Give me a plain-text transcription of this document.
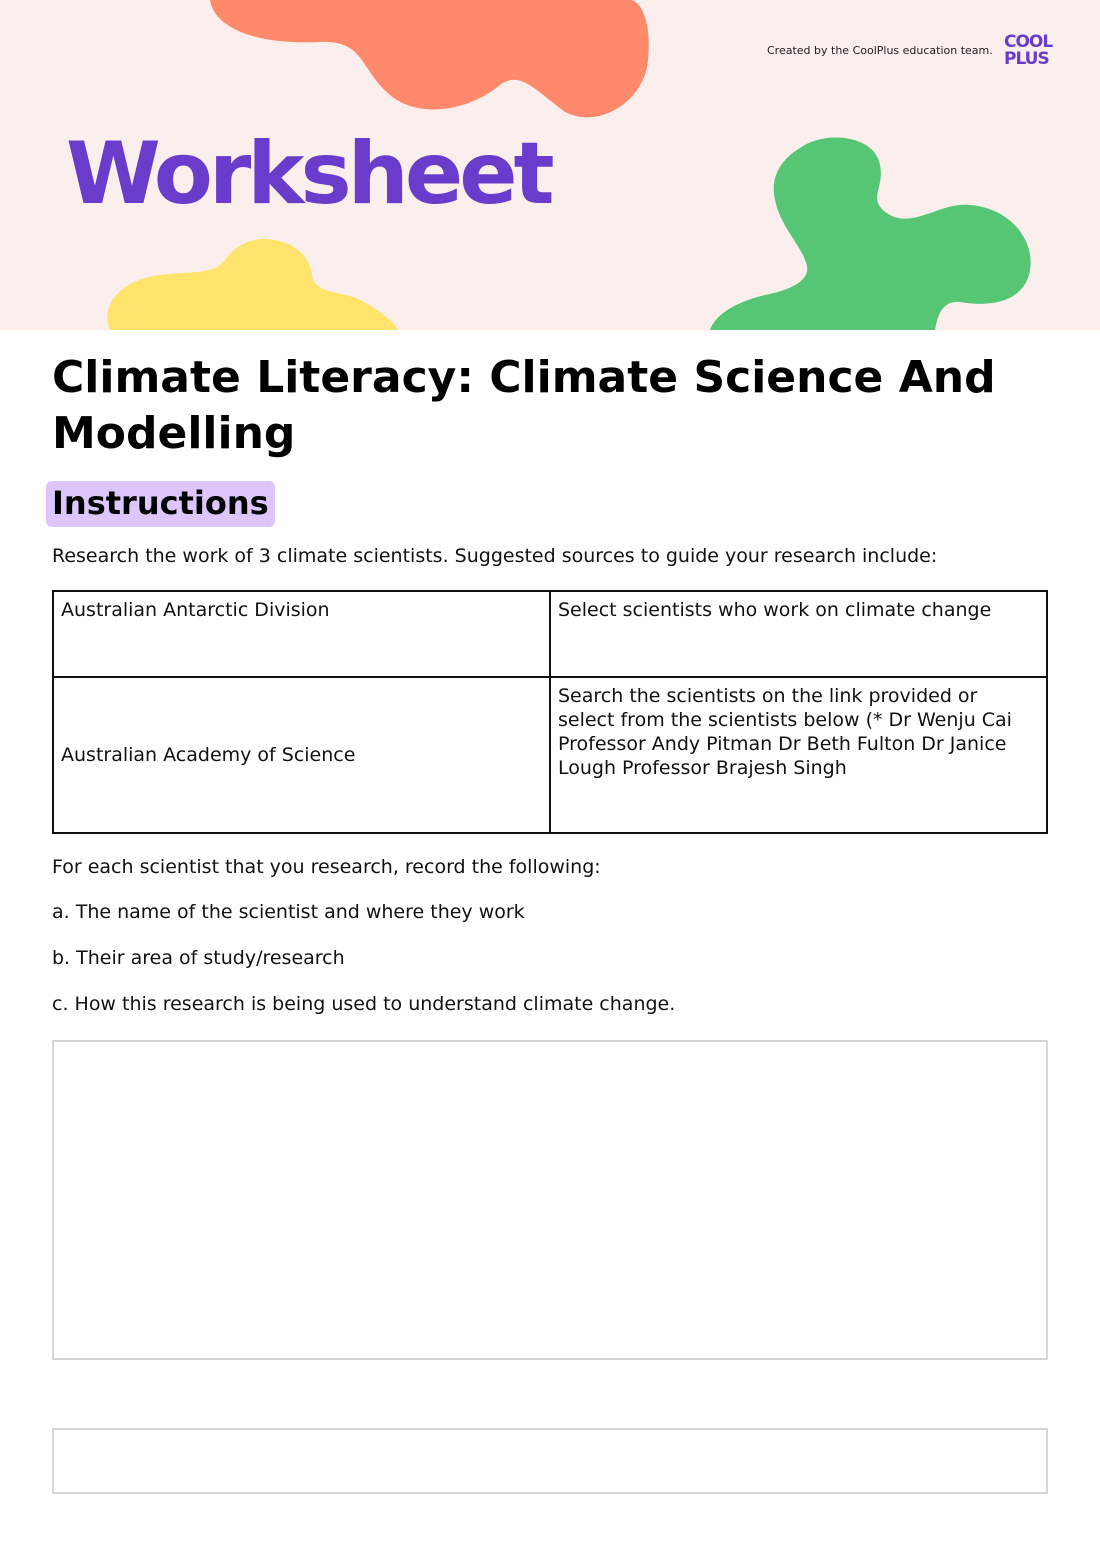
Created by the CoolPlus education team. COOL
PLUS
Worksheet
Climate Literacy: Climate Science And Modelling
Instructions

Research the work of 3 climate scientists. Suggested sources to guide your research include:

Australian Antarctic Division	Select scientists who work on climate change
Australian Academy of Science	Search the scientists on the link provided or select from the scientists below (* Dr Wenju Cai Professor Andy Pitman Dr Beth Fulton Dr Janice Lough Professor Brajesh Singh

For each scientist that you research, record the following:

a. The name of the scientist and where they work

b. Their area of study/research

c. How this research is being used to understand climate change.
